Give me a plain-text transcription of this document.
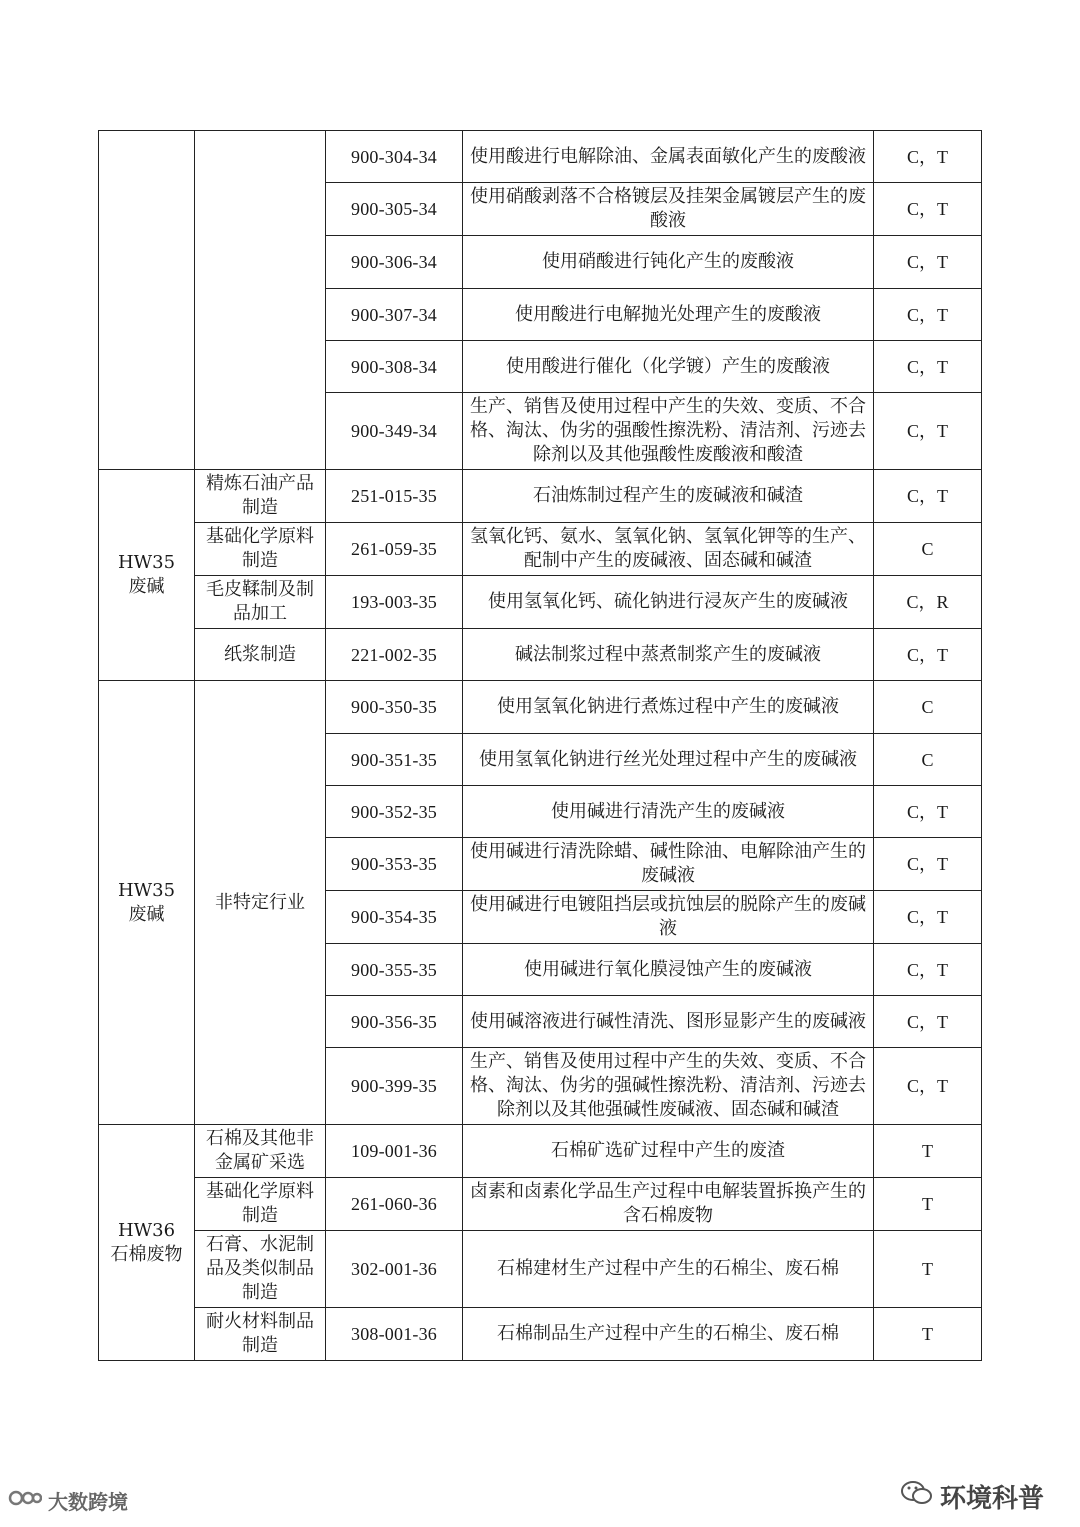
		900-304-34	使用酸进行电解除油、金属表面敏化产生的废酸液	C，T
		900-305-34	使用硝酸剥落不合格镀层及挂架金属镀层产生的废酸液	C，T
		900-306-34	使用硝酸进行钝化产生的废酸液	C，T
		900-307-34	使用酸进行电解抛光处理产生的废酸液	C，T
		900-308-34	使用酸进行催化（化学镀）产生的废酸液	C，T
		900-349-34	生产、销售及使用过程中产生的失效、变质、不合格、淘汰、伪劣的强酸性擦洗粉、清洁剂、污迹去除剂以及其他强酸性废酸液和酸渣	C，T

HW35
废碱	精炼石油产品制造	251-015-35	石油炼制过程产生的废碱液和碱渣	C，T
	基础化学原料制造	261-059-35	氢氧化钙、氨水、氢氧化钠、氢氧化钾等的生产、配制中产生的废碱液、固态碱和碱渣	C
	毛皮鞣制及制品加工	193-003-35	使用氢氧化钙、硫化钠进行浸灰产生的废碱液	C，R
	纸浆制造	221-002-35	碱法制浆过程中蒸煮制浆产生的废碱液	C，T

HW35
废碱	非特定行业	900-350-35	使用氢氧化钠进行煮炼过程中产生的废碱液	C
		900-351-35	使用氢氧化钠进行丝光处理过程中产生的废碱液	C
		900-352-35	使用碱进行清洗产生的废碱液	C，T
		900-353-35	使用碱进行清洗除蜡、碱性除油、电解除油产生的废碱液	C，T
		900-354-35	使用碱进行电镀阻挡层或抗蚀层的脱除产生的废碱液	C，T
		900-355-35	使用碱进行氧化膜浸蚀产生的废碱液	C，T
		900-356-35	使用碱溶液进行碱性清洗、图形显影产生的废碱液	C，T
		900-399-35	生产、销售及使用过程中产生的失效、变质、不合格、淘汰、伪劣的强碱性擦洗粉、清洁剂、污迹去除剂以及其他强碱性废碱液、固态碱和碱渣	C，T

HW36
石棉废物	石棉及其他非金属矿采选	109-001-36	石棉矿选矿过程中产生的废渣	T
	基础化学原料制造	261-060-36	卤素和卤素化学品生产过程中电解装置拆换产生的含石棉废物	T
	石膏、水泥制品及类似制品制造	302-001-36	石棉建材生产过程中产生的石棉尘、废石棉	T
	耐火材料制品制造	308-001-36	石棉制品生产过程中产生的石棉尘、废石棉	T
大数跨境	环境科普
